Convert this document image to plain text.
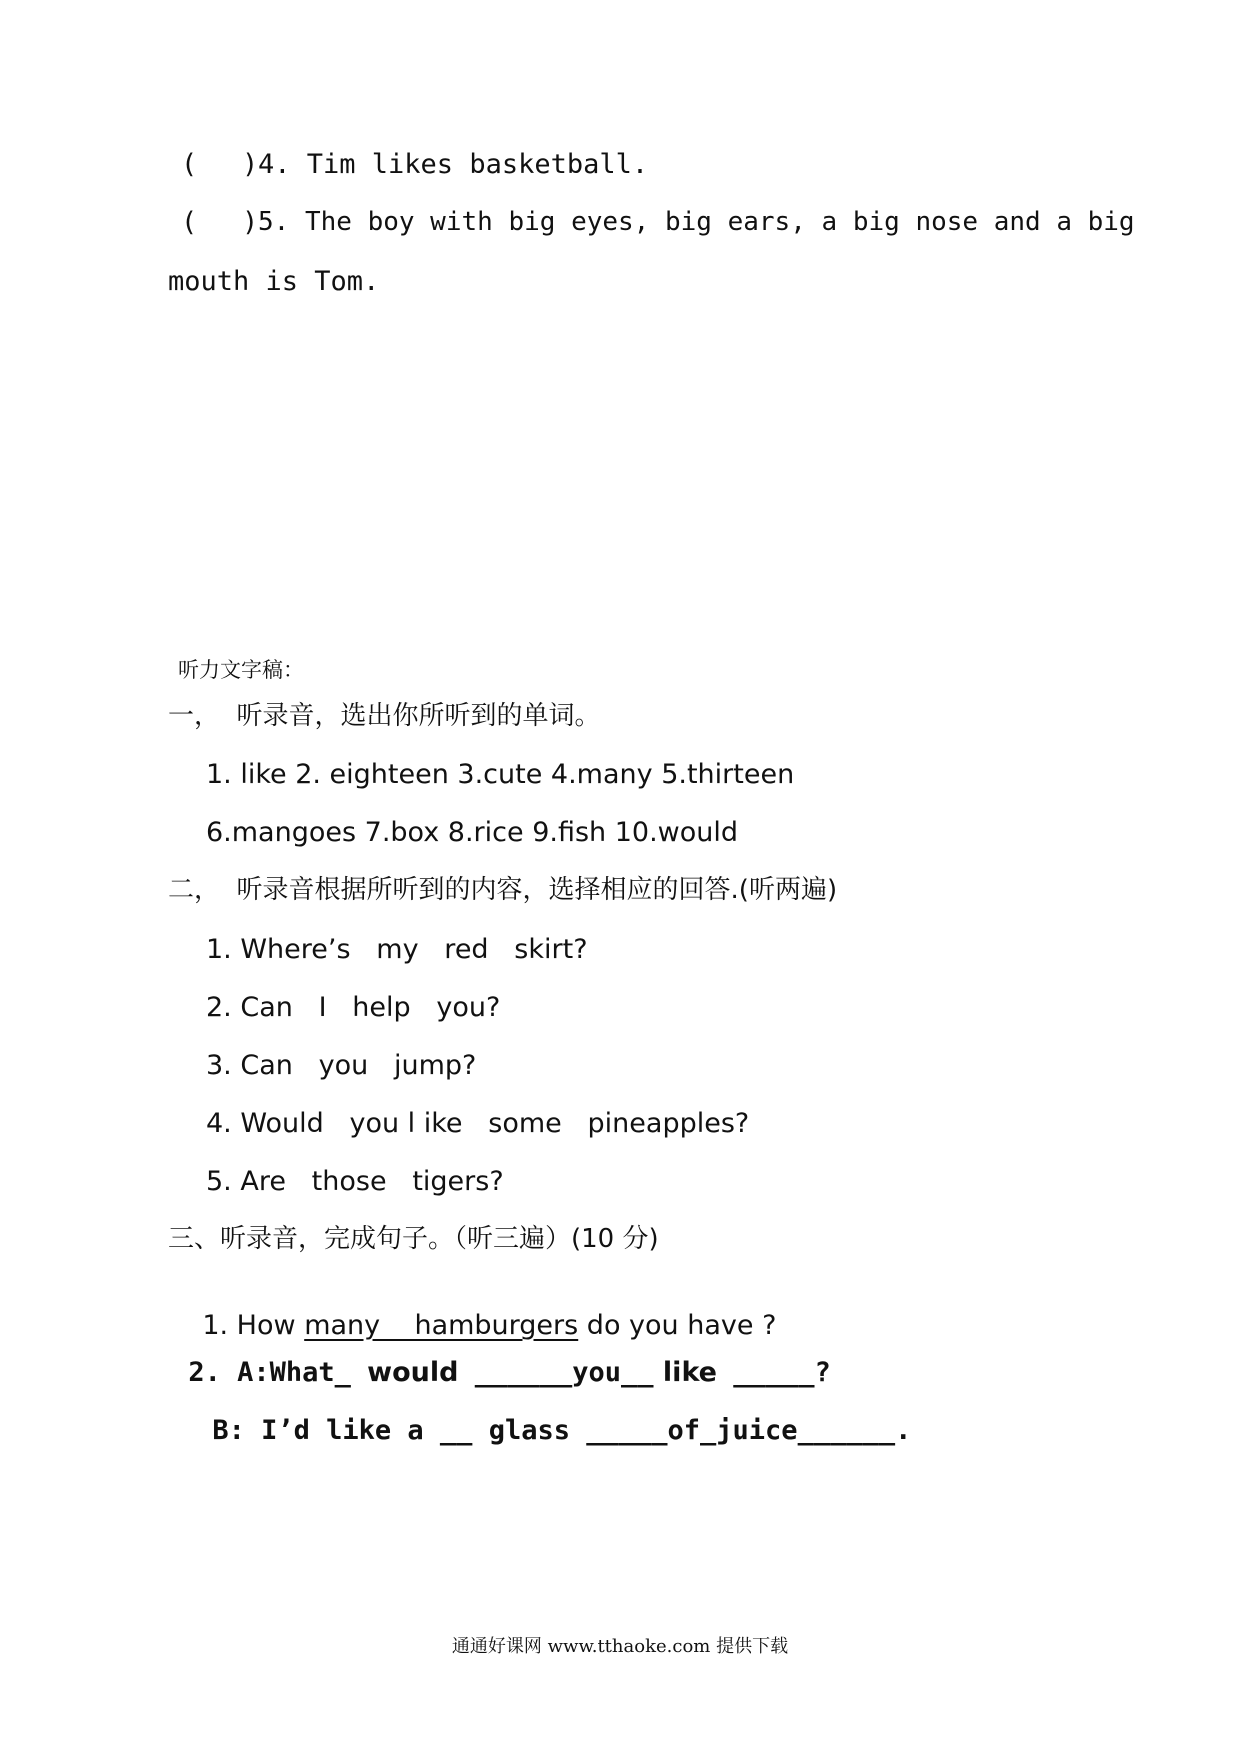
( ) 4. Tim likes basketball.
( ) 5. The boy with big eyes, big ears, a big nose and a big
mouth is Tom.
听力文字稿：
一，  听录音，选出你所听到的单词。
1. like 2. eighteen 3.cute 4.many 5.thirteen
6.mangoes 7.box 8.rice 9.fish 10.would
二，  听录音根据所听到的内容，选择相应的回答.(听两遍)
1. Where’s   my   red   skirt?
2. Can   I   help   you?
3. Can   you   jump?
4. Would   you l ike   some   pineapples?
5. Are   those   tigers?
三、听录音，完成句子。（听三遍）(10 分)

1. How many    hamburgers do you have ?

2. A:What_ would ______you__ like _____?

B: I’d like a __ glass _____of_juice______.

通通好课网 www.tthaoke.com 提供下载
